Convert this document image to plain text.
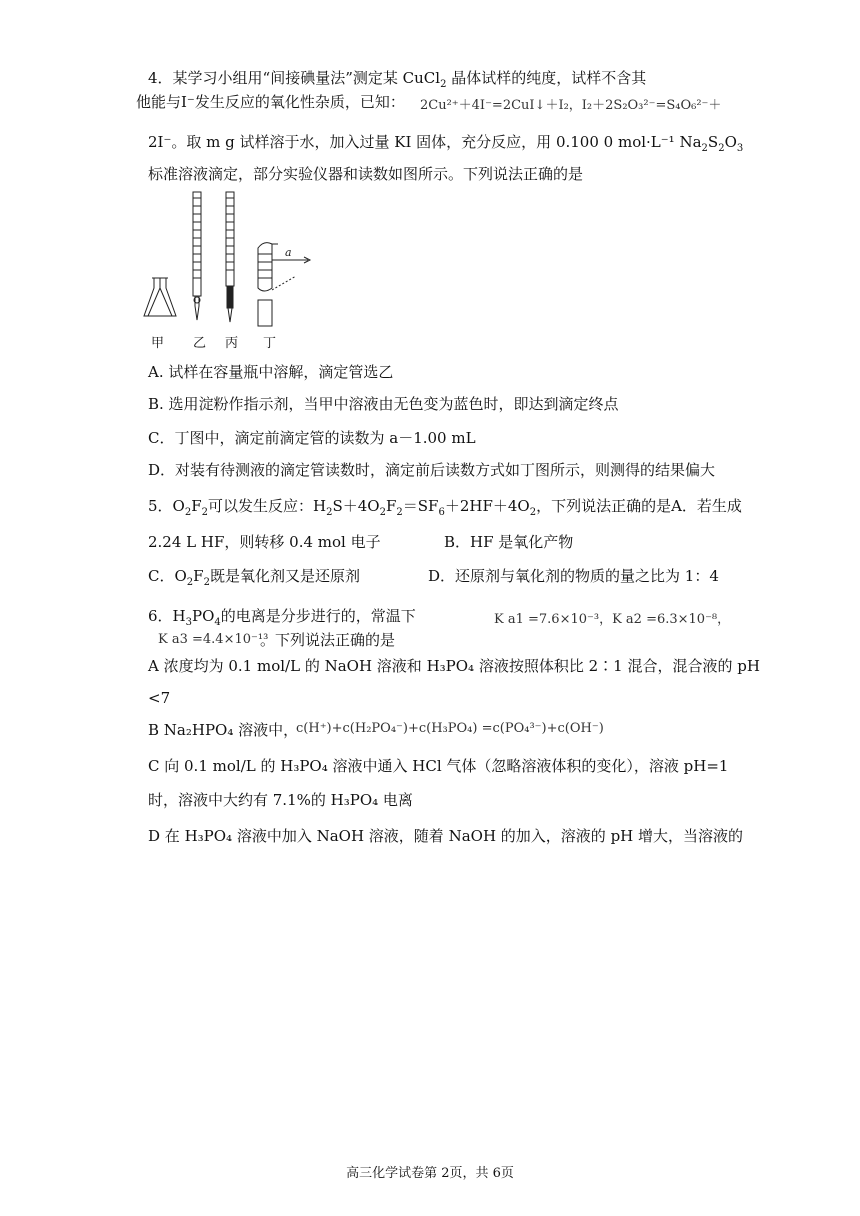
4．某学习小组用“间接碘量法”测定某 CuCl$_2$ 晶体试样的纯度，试样不含其
他能与I⁻发生反应的氧化性杂质，已知： 2Cu²⁺＋4I⁻=2CuI↓＋I₂，I₂＋2S₂O₃²⁻=S₄O₆²⁻＋
2I⁻。取 m g 试样溶于水，加入过量 KI 固体，充分反应，用 0.100 0 mol·L⁻¹ $Na_2S_2O_3$
标准溶液滴定，部分实验仪器和读数如图所示。下列说法正确的是
a
甲 乙 丙 丁
A. 试样在容量瓶中溶解，滴定管选乙
B. 选用淀粉作指示剂，当甲中溶液由无色变为蓝色时，即达到滴定终点
C．丁图中，滴定前滴定管的读数为 a－1.00 mL
D．对装有待测液的滴定管读数时，滴定前后读数方式如丁图所示，则测得的结果偏大
5．$O_2F_2$可以发生反应：$H_2S+4O_2F_2=SF_6+2HF+4O_2$，下列说法正确的是A．若生成
2.24 L HF，则转移 0.4 mol 电子	B．HF 是氧化产物
C．$O_2F_2$既是氧化剂又是还原剂	D．还原剂与氧化剂的物质的量之比为 1：4
6．$H_3PO_4$的电离是分步进行的，常温下	K a1 =7.6×10⁻³，K a2 =6.3×10⁻⁸，
K a3 =4.4×10⁻¹³
。下列说法正确的是
A 浓度均为 0.1 mol/L 的 NaOH 溶液和 H₃PO₄ 溶液按照体积比 2∶1 混合，混合液的 pH
<7
B Na₂HPO₄ 溶液中，
c(H⁺)+c(H₂PO₄⁻)+c(H₃PO₄) =c(PO₄³⁻)+c(OH⁻)
C 向 0.1 mol/L 的 H₃PO₄ 溶液中通入 HCl 气体（忽略溶液体积的变化），溶液 pH=1
时，溶液中大约有 7.1%的 H₃PO₄ 电离
D 在 H₃PO₄ 溶液中加入 NaOH 溶液，随着 NaOH 的加入，溶液的 pH 增大，当溶液的
高三化学试卷第 2页，共 6页
